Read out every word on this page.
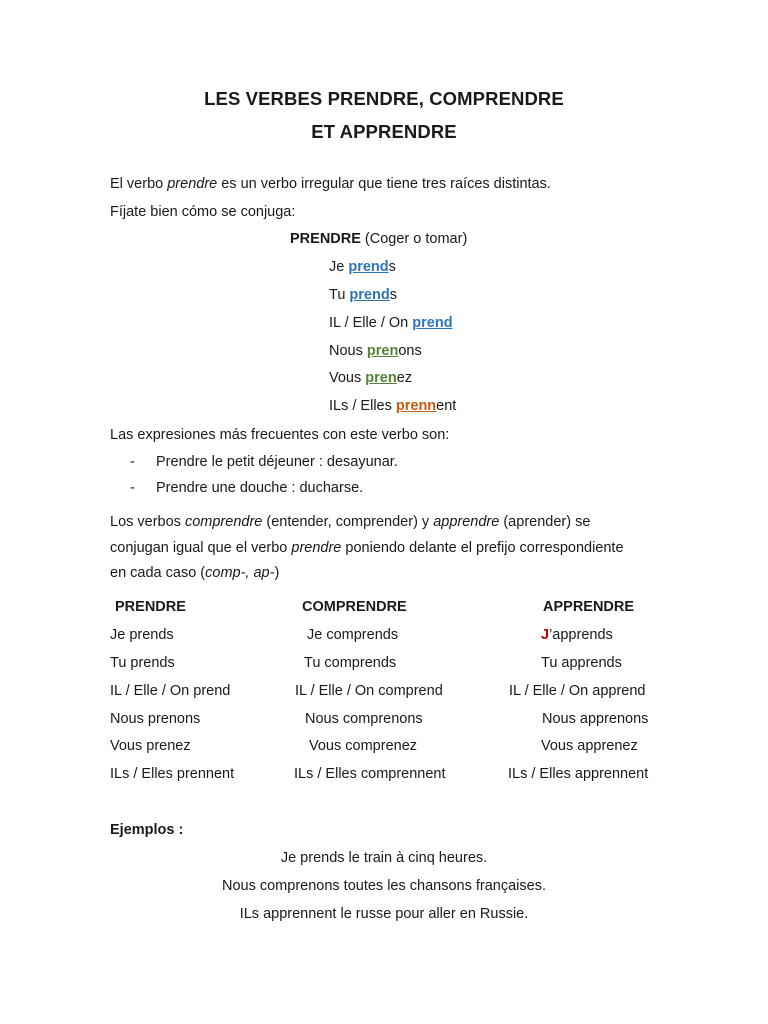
LES VERBES PRENDRE, COMPRENDRE
ET APPRENDRE
El verbo prendre es un verbo irregular que tiene tres raíces distintas.
Fíjate bien cómo se conjuga:
PRENDRE (Coger o tomar)
Je prends
Tu prends
IL / Elle / On prend
Nous prenons
Vous prenez
ILs / Elles prennent
Las expresiones más frecuentes con este verbo son:
- Prendre le petit déjeuner : desayunar.
- Prendre une douche : ducharse.
Los verbos comprendre (entender, comprender) y apprendre (aprender) se
conjugan igual que el verbo prendre poniendo delante el prefijo correspondiente
en cada caso (comp-, ap-)
PRENDRE	COMPRENDRE	APPRENDRE
Je prends
Tu prends
IL / Elle / On prend
Nous prenons
Vous prenez
ILs / Elles prennent
Je comprends
Tu comprends
IL / Elle / On comprend
Nous comprenons
Vous comprenez
ILs / Elles comprennent
J’apprends
Tu apprends
IL / Elle / On apprend
Nous apprenons
Vous apprenez
ILs / Elles apprennent
Ejemplos :
Je prends le train à cinq heures.
Nous comprenons toutes les chansons françaises.
ILs apprennent le russe pour aller en Russie.
